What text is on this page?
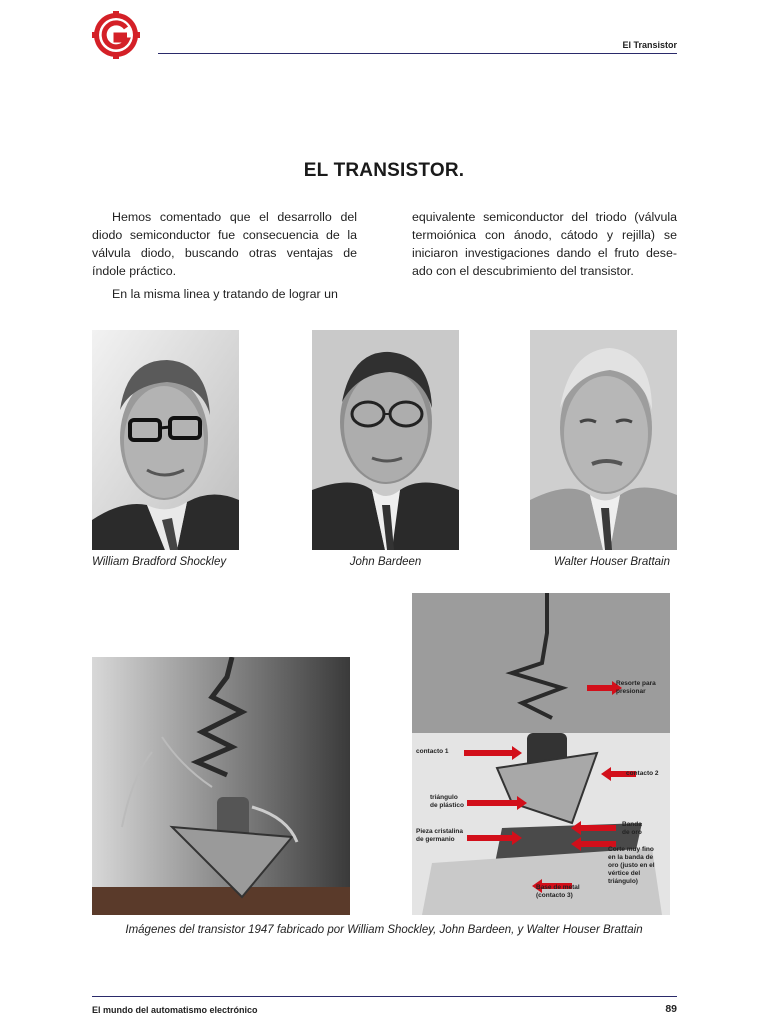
El Transistor
EL TRANSISTOR.

Hemos comentado que el desarrollo del diodo semiconductor fue consecuencia de la válvula diodo, buscando otras ventajas de índole práctico.

En la misma linea y tratando de lograr un

equivalente semiconductor del triodo (válvula termoiónica con ánodo, cátodo y rejilla) se iniciaron investigaciones dando el fruto dese-ado con el descubrimiento del transistor.

William Bradford Shockley	John Bardeen	Walter Houser Brattain
Resorte para
presionar
contacto 1
contacto 2
triángulo
de plástico
Pieza cristalina
de germanio
Banda
de oro
Corte muy fino
en la banda de
oro (justo en el
vértice del
triángulo)
Base de metal
(contacto 3)
Imágenes del transistor 1947 fabricado por William Shockley, John Bardeen, y Walter Houser Brattain
El mundo del automatismo electrónico	89
